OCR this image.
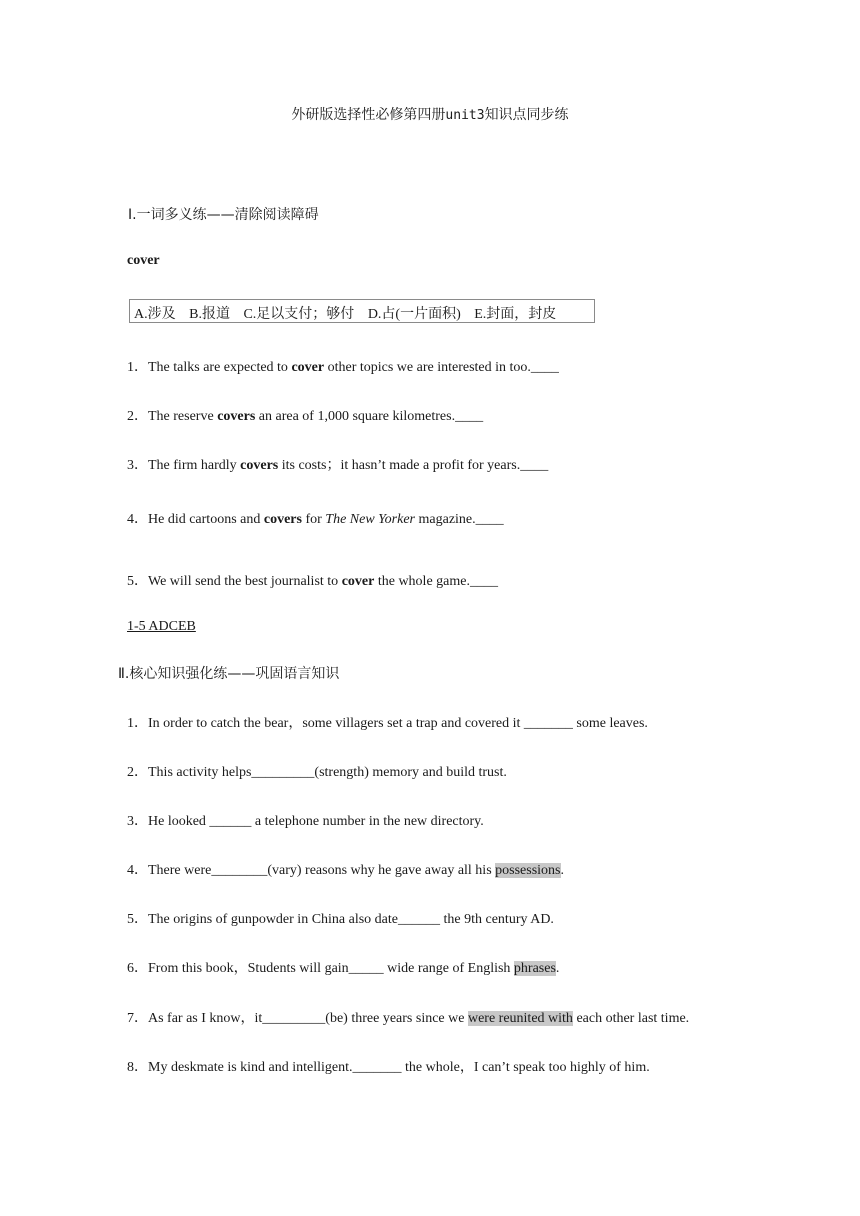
外研版选择性必修第四册unit3知识点同步练
Ⅰ.一词多义练——清除阅读障碍
cover
A.涉及 B.报道 C.足以支付；够付 D.占(一片面积) E.封面，封皮
1．The talks are expected to cover other topics we are interested in too.____
2．The reserve covers an area of 1,000 square kilometres.____
3．The firm hardly covers its costs；it hasn’t made a profit for years.____
4．He did cartoons and covers for The New Yorker magazine.____
5．We will send the best journalist to cover the whole game.____
1-5 ADCEB
Ⅱ.核心知识强化练——巩固语言知识
1．In order to catch the bear，some villagers set a trap and covered it _______ some leaves.
2．This activity helps_________(strength) memory and build trust.
3．He looked ______ a telephone number in the new directory.
4．There were________(vary) reasons why he gave away all his possessions.
5．The origins of gunpowder in China also date______ the 9th century AD.
6．From this book，Students will gain_____ wide range of English phrases.
7．As far as I know，it_________(be) three years since we were reunited with each other last time.
8．My deskmate is kind and intelligent._______ the whole，I can’t speak too highly of him.
